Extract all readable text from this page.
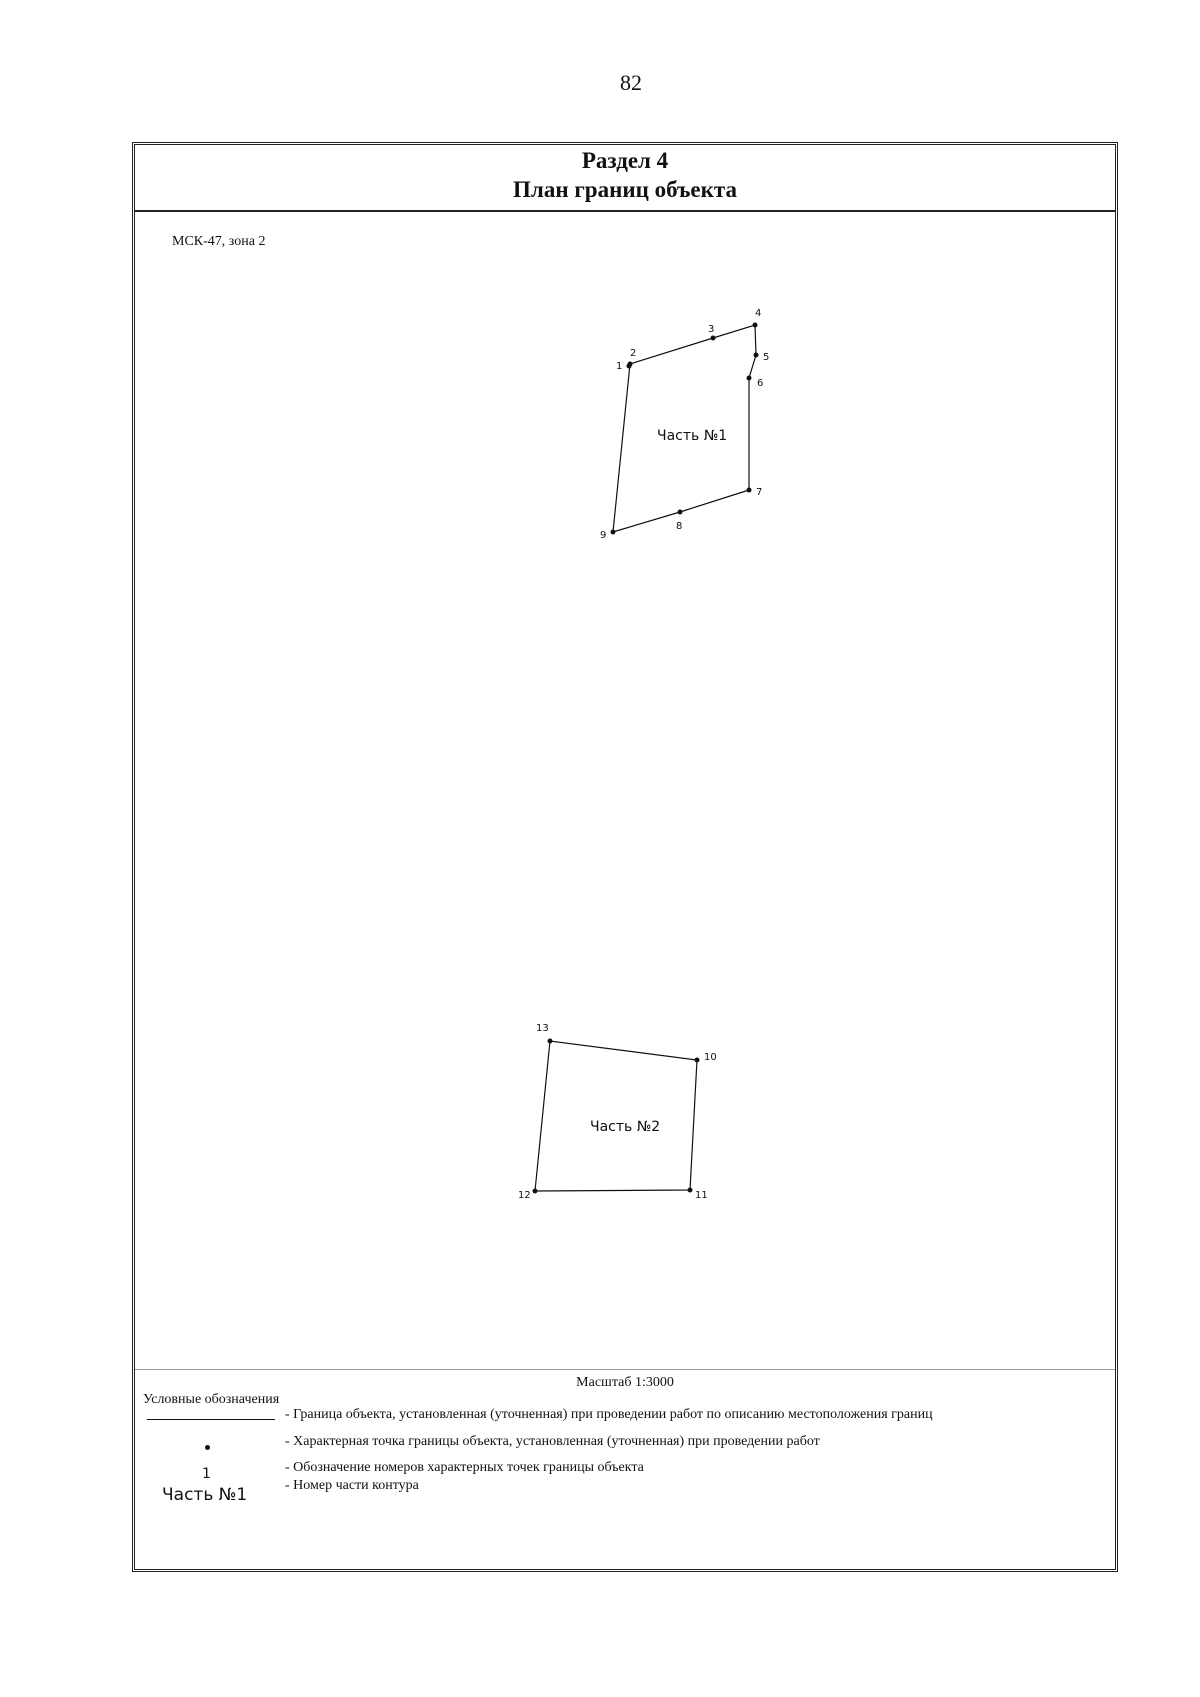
82
Раздел 4
План границ объекта
МСК-47, зона 2
1
2
3
4
5
6
7
8
9
Часть №1
10
11
12
13
Часть №2
Масштаб 1:3000
Условные обозначения
- Граница объекта, установленная (уточненная) при проведении работ по описанию местоположения границ
- Характерная точка границы объекта, установленная (уточненная) при проведении работ
1	- Обозначение номеров характерных точек границы объекта
Часть №1	- Номер части контура
